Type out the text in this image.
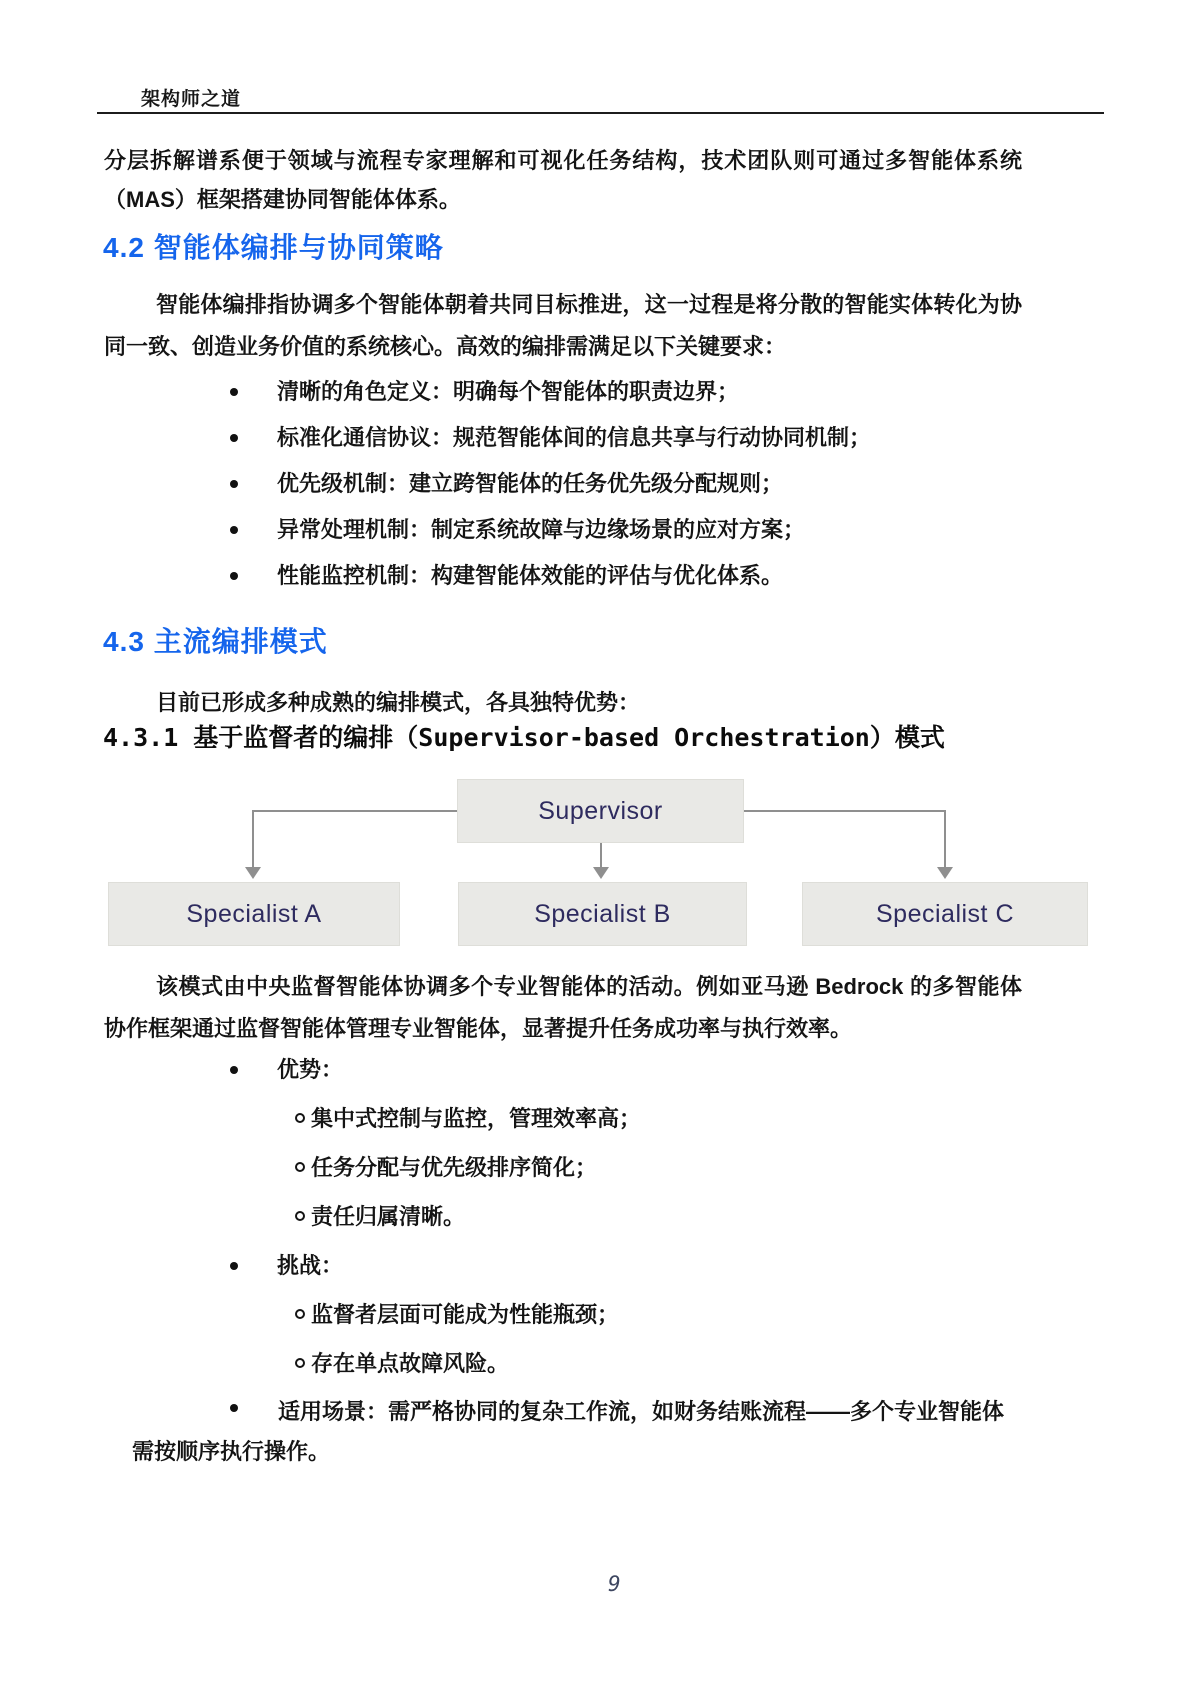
架构师之道
分层拆解谱系便于领域与流程专家理解和可视化任务结构，技术团队则可通过多智能体系统（MAS）框架搭建协同智能体体系。
4.2 智能体编排与协同策略
智能体编排指协调多个智能体朝着共同目标推进，这一过程是将分散的智能实体转化为协同一致、创造业务价值的系统核心。高效的编排需满足以下关键要求：
清晰的角色定义：明确每个智能体的职责边界；
标准化通信协议：规范智能体间的信息共享与行动协同机制；
优先级机制：建立跨智能体的任务优先级分配规则；
异常处理机制：制定系统故障与边缘场景的应对方案；
性能监控机制：构建智能体效能的评估与优化体系。
4.3 主流编排模式
目前已形成多种成熟的编排模式，各具独特优势：
4.3.1 基于监督者的编排（Supervisor-based Orchestration）模式
Supervisor
Specialist A	Specialist B	Specialist C
该模式由中央监督智能体协调多个专业智能体的活动。例如亚马逊 Bedrock 的多智能体协作框架通过监督智能体管理专业智能体，显著提升任务成功率与执行效率。
优势：
集中式控制与监控，管理效率高；
任务分配与优先级排序简化；
责任归属清晰。
挑战：
监督者层面可能成为性能瓶颈；
存在单点故障风险。
适用场景：需严格协同的复杂工作流，如财务结账流程——多个专业智能体需按顺序执行操作。
9
